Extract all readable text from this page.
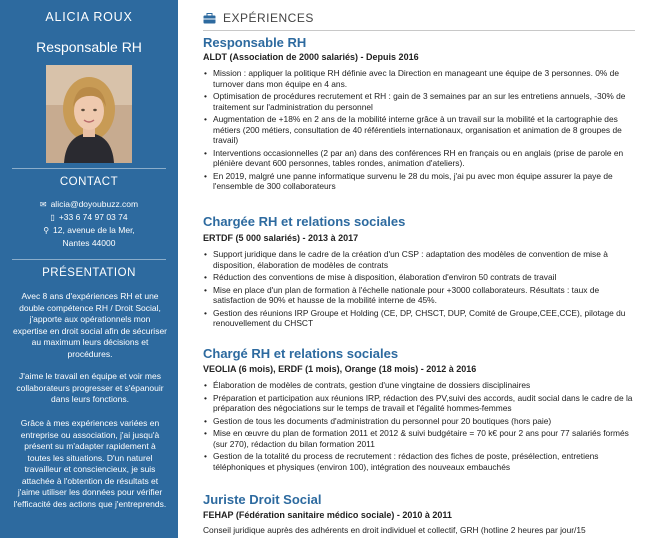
ALICIA ROUX
Responsable RH
CONTACT
✉ alicia@doyoubuzz.com
▯ +33 6 74 97 03 74
⚲ 12, avenue de la Mer,
Nantes 44000
PRÉSENTATION
Avec 8 ans d'expériences RH et une double compétence RH / Droit Social, j'apporte aux opérationnels mon expertise en droit social afin de sécuriser au maximum leurs décisions et procédures.
J'aime le travail en équipe et voir mes collaborateurs progresser et s'épanouir dans leurs fonctions.
Grâce à mes expériences variées en entreprise ou association, j'ai jusqu'à présent su m'adapter rapidement à toutes les situations. D'un naturel travailleur et consciencieux, je suis attachée à l'obtention de résultats et j'aime utiliser les données pour vérifier l'efficacité des actions que j'entreprends.
EXPÉRIENCES
Responsable RH
ALDT (Association de 2000 salariés) - Depuis 2016
• Mission : appliquer la politique RH définie avec la Direction en manageant une équipe de 3 personnes. 0% de turnover dans mon équipe en 4 ans.
• Optimisation de procédures recrutement et RH : gain de 3 semaines par an sur les entretiens annuels, -30% de traitement sur l'administration du personnel
• Augmentation de +18% en 2 ans de la mobilité interne grâce à un travail sur la mobilité et la cartographie des métiers (200 métiers, consultation de 40 référentiels internationaux, organisation et animation de 8 groupes de travail)
• Interventions occasionnelles (2 par an) dans des conférences RH en français ou en anglais (prise de parole en plénière devant 600 personnes, tables rondes, animation d'ateliers).
• En 2019, malgré une panne informatique survenu le 28 du mois, j'ai pu avec mon équipe assurer la paye de l'ensemble de 300 collaborateurs
Chargée RH et relations sociales
ERTDF (5 000 salariés) - 2013 à 2017
• Support juridique dans le cadre de la création d'un CSP : adaptation des modèles de convention de mise à disposition, élaboration de modèles de contrats
• Réduction des conventions de mise à disposition, élaboration d'environ 50 contrats de travail
• Mise en place d'un plan de formation à l'échelle nationale pour +3000 collaborateurs. Résultats : taux de satisfaction de 90% et hausse de la mobilité interne de 45%.
• Gestion des réunions IRP Groupe et Holding (CE, DP, CHSCT, DUP, Comité de Groupe,CEE,CCE), pilotage du renouvellement du CHSCT
Chargé RH et relations sociales
VEOLIA (6 mois), ERDF (1 mois), Orange (18 mois) - 2012 à 2016
• Élaboration de modèles de contrats, gestion d'une vingtaine de dossiers disciplinaires
• Préparation et participation aux réunions IRP, rédaction des PV,suivi des accords, audit social dans le cadre de la préparation des négociations sur le temps de travail et l'égalité hommes-femmes
• Gestion de tous les documents d'administration du personnel pour 20 boutiques (hors paie)
• Mise en œuvre du plan de formation 2011 et 2012 & suivi budgétaire = 70 k€ pour 2 ans pour 77 salariés formés (sur 270), rédaction du bilan formation 2011
• Gestion de la totalité du process de recrutement : rédaction des fiches de poste, présélection, entretiens téléphoniques et physiques (environ 100), intégration des nouveaux embauchés
Juriste Droit Social
FEHAP (Fédération sanitaire médico sociale) - 2010 à 2011
Conseil juridique auprès des adhérents en droit individuel et collectif, GRH (hotline 2 heures par jour/15
